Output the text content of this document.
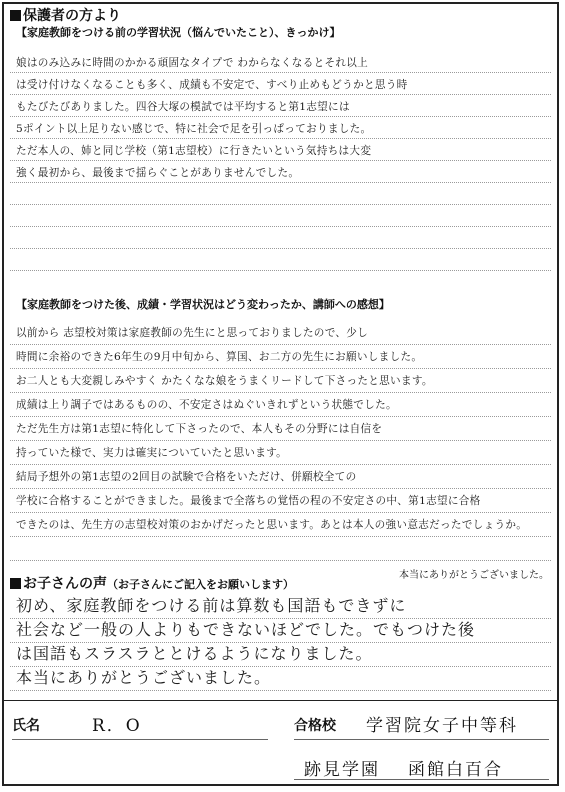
保護者の方より
【家庭教師をつける前の学習状況（悩んでいたこと）、きっかけ】
娘はのみ込みに時間のかかる頑固なタイプで わからなくなるとそれ以上
は受け付けなくなることも多く、成績も不安定で、すべり止めもどうかと思う時
もたびたびありました。四谷大塚の模試では平均すると第1志望には
5ポイント以上足りない感じで、特に社会で足を引っぱっておりました。
ただ本人の、姉と同じ学校（第1志望校）に行きたいという気持ちは大変
強く最初から、最後まで揺らぐことがありませんでした。
【家庭教師をつけた後、成績・学習状況はどう変わったか、講師への感想】
以前から 志望校対策は家庭教師の先生にと思っておりましたので、少し
時間に余裕のできた6年生の9月中旬から、算国、お二方の先生にお願いしました。
お二人とも大変親しみやすく かたくなな娘をうまくリードして下さったと思います。
成績は上り調子ではあるものの、不安定さはぬぐいきれずという状態でした。
ただ先生方は第1志望に特化して下さったので、本人もその分野には自信を
持っていた様で、実力は確実についていたと思います。
結局予想外の第1志望の2回目の試験で合格をいただけ、併願校全ての
学校に合格することができました。最後まで全落ちの覚悟の程の不安定さの中、第1志望に合格
できたのは、先生方の志望校対策のおかげだったと思います。あとは本人の強い意志だったでしょうか。
本当にありがとうございました。
お子さんの声（お子さんにご記入をお願いします）
初め、家庭教師をつける前は算数も国語もできずに
社会など一般の人よりもできないほどでした。でもつけた後
は国語もスラスラととけるようになりました。
本当にありがとうございました。
氏名	R．O	合格校 学習院女子中等科
跡見学園 函館白百合
